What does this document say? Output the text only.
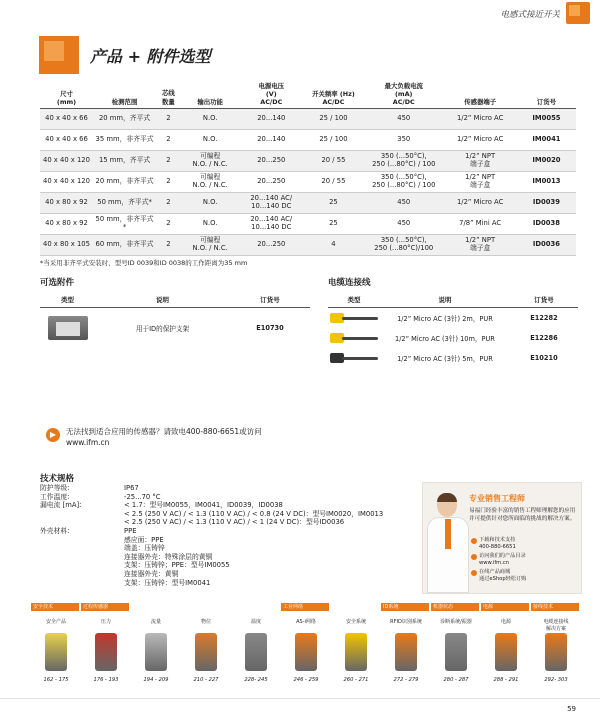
电感式接近开关
产品 + 附件选型
尺寸
(mm)	检测范围	芯线
数量	输出功能	电源电压
(V)
AC/DC	开关频率 (Hz)
AC/DC	最大负载电流
(mA)
AC/DC	传感器端子	订货号
40 x 40 x 66	20 mm，齐平式	2	N.O.	20...140	25 / 100	450	1/2” Micro AC	IM0055
40 x 40 x 66	35 mm，非齐平式	2	N.O.	20...140	25 / 100	350	1/2” Micro AC	IM0041
40 x 40 x 120	15 mm，齐平式	2	可编程
N.O. / N.C.	20...250	20 / 55	350 (...50°C),
250 (...80°C) / 100	1/2” NPT
端子盒	IM0020
40 x 40 x 120	20 mm，非齐平式	2	可编程
N.O. / N.C.	20...250	20 / 55	350 (...50°C),
250 (...80°C) / 100	1/2” NPT
端子盒	IM0013
40 x 80 x 92	50 mm，齐平式*	2	N.O.	20...140 AC/
10...140 DC	25	450	1/2” Micro AC	ID0039
40 x 80 x 92	50 mm，非齐平式*	2	N.O.	20...140 AC/
10...140 DC	25	450	7/8” Mini AC	ID0038
40 x 80 x 105	60 mm，非齐平式	2	可编程
N.O. / N.C.	20...250	4	350 (...50°C),
250 (...80°C)/100	1/2” NPT
端子盒	ID0036
*当采用非齐平式安装时，型号ID 0039和ID 0038的工作距离为35 mm
可选附件
类型	说明	订货号

	用于ID的保护支架	E10730
电缆连接线
类型	说明	订货号

	1/2” Micro AC (3针) 2m，PUR	E12282

	1/2” Micro AC (3针) 10m，PUR	E12286

	1/2” Micro AC (3针) 5m，PUR	E10210
▶	无法找到适合应用的传感器？请致电400-880-6651或访问
www.ifm.cn
技术规格
防护等级:	IP67
工作温度:	-25...70 °C
漏电流 [mA]:	< 1.7：型号IM0055，IM0041，ID0039，ID0038
< 2.5 (250 V AC) / < 1.3 (110 V AC) / < 0.8 (24 V DC)：型号IM0020，IM0013
< 2.5 (250 V AC) / < 1.3 (110 V AC) / < 1 (24 V DC)：型号ID0036
外壳材料:	PPE
感应面：PPE
端盖：压铸锌
连接器外壳：特殊涂层的黄铜
支架：压铸锌；PPE：型号IM0055
连接器外壳：黄铜
支架：压铸锌：型号IM0041
专业销售工程师
易福门经验丰富的销售工程师理解您的应用并可提供针对您所面临的挑战的解决方案。
下载和技术支持
400-880-6651
访问我们的产品目录
www.ifm.cn
在线产品商城
通过eShop轻松订购
安全技术
安全产品
162 - 175
过程传感器
压力
176 - 193
流量
194 - 209
物位
210 - 227
温度
228- 245
工业网络
AS-i网络
246 - 259
安全系统
260 - 271
ID系统
RFID识别系统
272 - 279
机器状态
诊断系统/振器
280 - 287
电源
电源
288 - 291
接线技术
电缆连接线
解决方案
292- 303
59
